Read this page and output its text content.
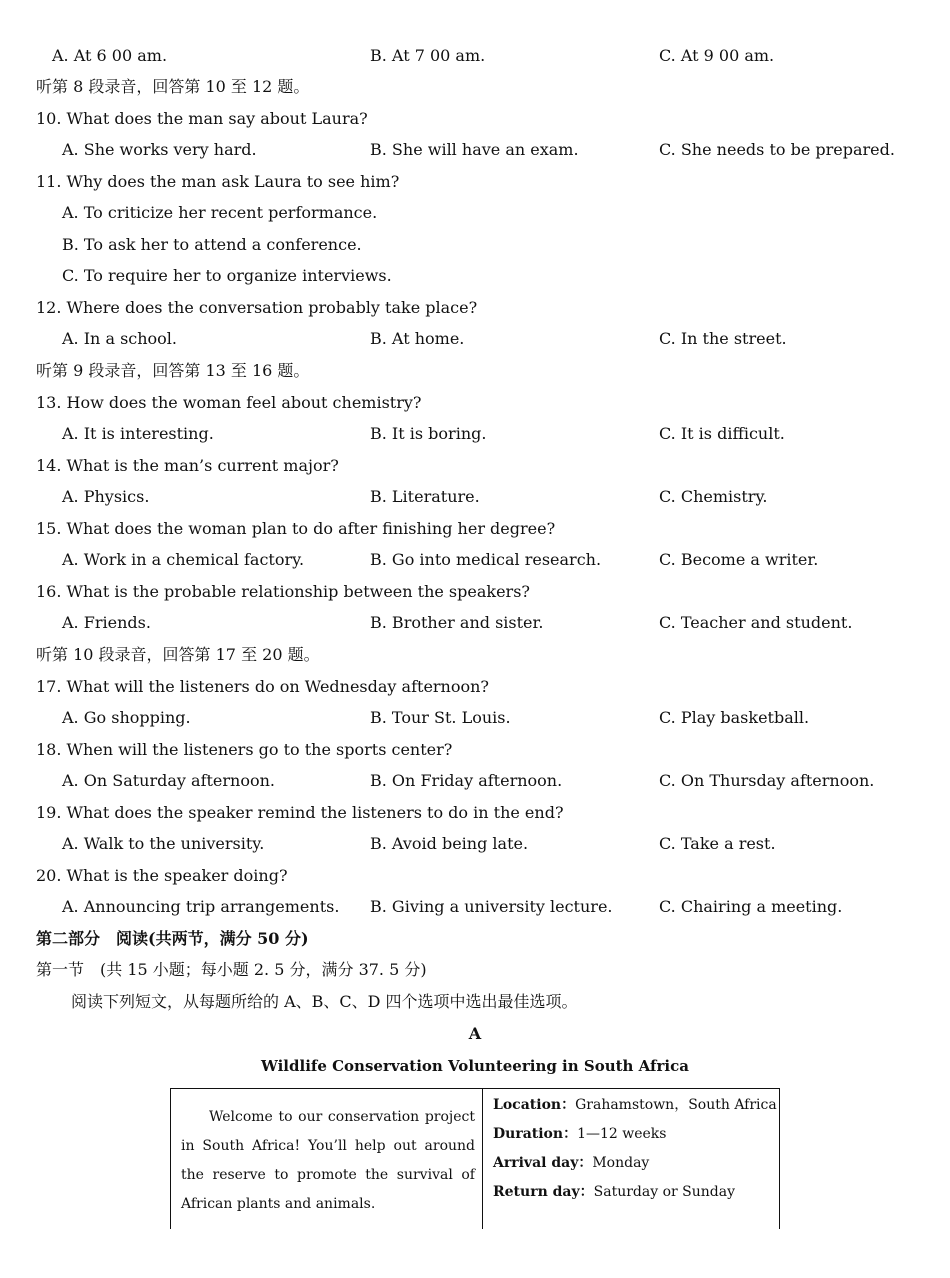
A. At 6 00 am.	B. At 7 00 am.	C. At 9 00 am.
听第 8 段录音，回答第 10 至 12 题。
10. What does the man say about Laura?
A. She works very hard.	B. She will have an exam.	C. She needs to be prepared.
11. Why does the man ask Laura to see him?
A. To criticize her recent performance.
B. To ask her to attend a conference.
C. To require her to organize interviews.
12. Where does the conversation probably take place?
A. In a school.	B. At home.	C. In the street.
听第 9 段录音，回答第 13 至 16 题。
13. How does the woman feel about chemistry?
A. It is interesting.	B. It is boring.	C. It is difficult.
14. What is the man’s current major?
A. Physics.	B. Literature.	C. Chemistry.
15. What does the woman plan to do after finishing her degree?
A. Work in a chemical factory.	B. Go into medical research.	C. Become a writer.
16. What is the probable relationship between the speakers?
A. Friends.	B. Brother and sister.	C. Teacher and student.
听第 10 段录音，回答第 17 至 20 题。
17. What will the listeners do on Wednesday afternoon?
A. Go shopping.	B. Tour St. Louis.	C. Play basketball.
18. When will the listeners go to the sports center?
A. On Saturday afternoon.	B. On Friday afternoon.	C. On Thursday afternoon.
19. What does the speaker remind the listeners to do in the end?
A. Walk to the university.	B. Avoid being late.	C. Take a rest.
20. What is the speaker doing?
A. Announcing trip arrangements. B. Giving a university lecture.	C. Chairing a meeting.
第二部分　阅读(共两节，满分 50 分)
第一节　(共 15 小题；每小题 2. 5 分，满分 37. 5 分)
阅读下列短文，从每题所给的 A、B、C、D 四个选项中选出最佳选项。
A
Wildlife Conservation Volunteering in South Africa
Welcome to our conservation project in South Africa! You’ll help out around the reserve to promote the survival of African plants and animals.
Location：Grahamstown，South Africa
Duration：1—12 weeks
Arrival day：Monday
Return day：Saturday or Sunday
